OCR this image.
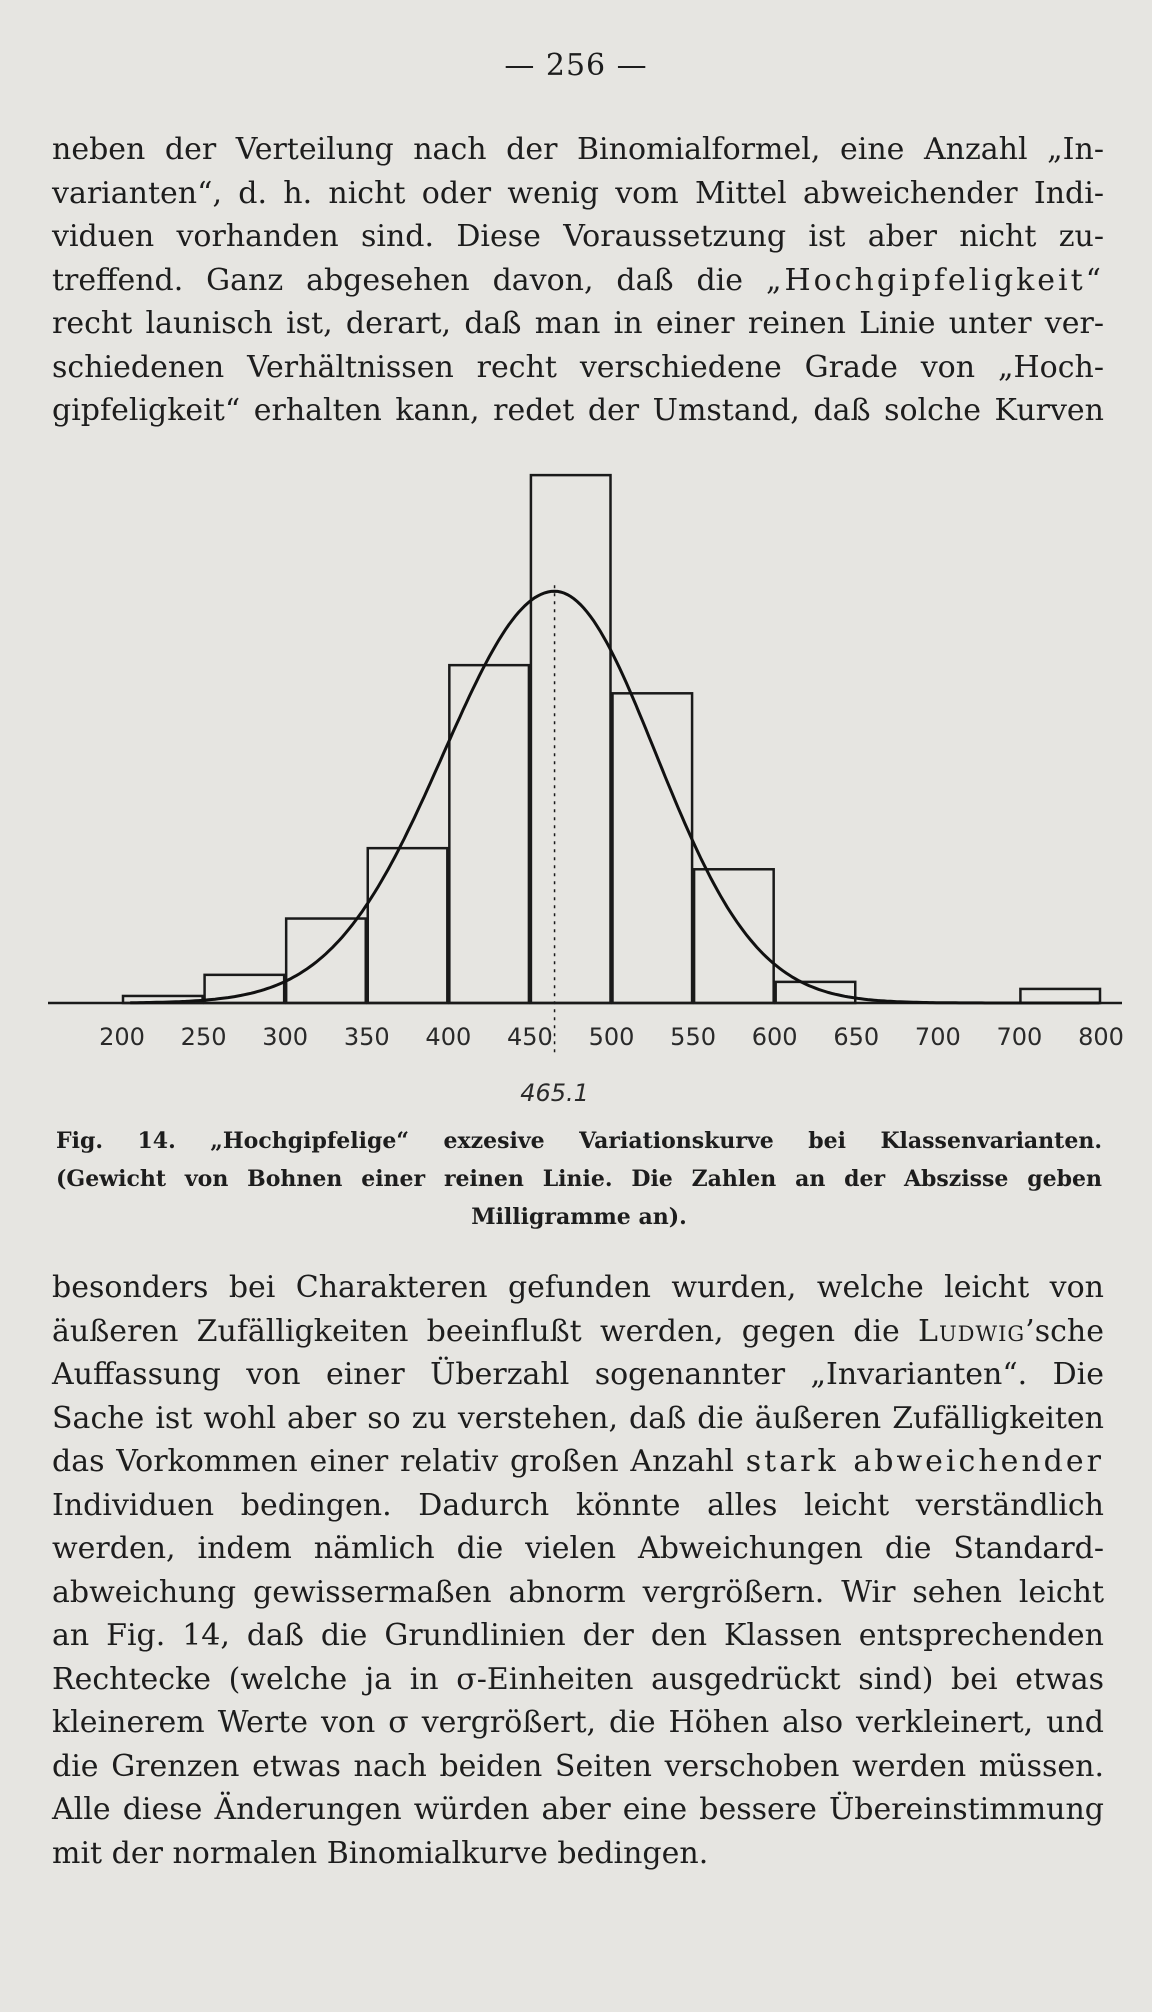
— 256 —
neben der Verteilung nach der Binomialformel, eine Anzahl „In-
varianten“, d. h. nicht oder wenig vom Mittel abweichender Indi-
viduen vorhanden sind. Diese Voraussetzung ist aber nicht zu-
treffend. Ganz abgesehen davon, daß die „Hochgipfeligkeit“
recht launisch ist, derart, daß man in einer reinen Linie unter ver-
schiedenen Verhältnissen recht verschiedene Grade von „Hoch-
gipfeligkeit“ erhalten kann, redet der Umstand, daß solche Kurven
200 250 300 350 400 450 500 550 600 650 700 700 800
465.1
Fig. 14. „Hochgipfelige“ exzesive Variationskurve bei Klassenvarianten.
(Gewicht von Bohnen einer reinen Linie. Die Zahlen an der Abszisse geben
Milligramme an).
besonders bei Charakteren gefunden wurden, welche leicht von
äußeren Zufälligkeiten beeinflußt werden, gegen die Ludwig’sche
Auffassung von einer Überzahl sogenannter „Invarianten“. Die
Sache ist wohl aber so zu verstehen, daß die äußeren Zufälligkeiten
das Vorkommen einer relativ großen Anzahl stark abweichender
Individuen bedingen. Dadurch könnte alles leicht verständlich
werden, indem nämlich die vielen Abweichungen die Standard-
abweichung gewissermaßen abnorm vergrößern. Wir sehen leicht
an Fig. 14, daß die Grundlinien der den Klassen entsprechenden
Rechtecke (welche ja in σ-Einheiten ausgedrückt sind) bei etwas
kleinerem Werte von σ vergrößert, die Höhen also verkleinert, und
die Grenzen etwas nach beiden Seiten verschoben werden müssen.
Alle diese Änderungen würden aber eine bessere Übereinstimmung
mit der normalen Binomialkurve bedingen.
